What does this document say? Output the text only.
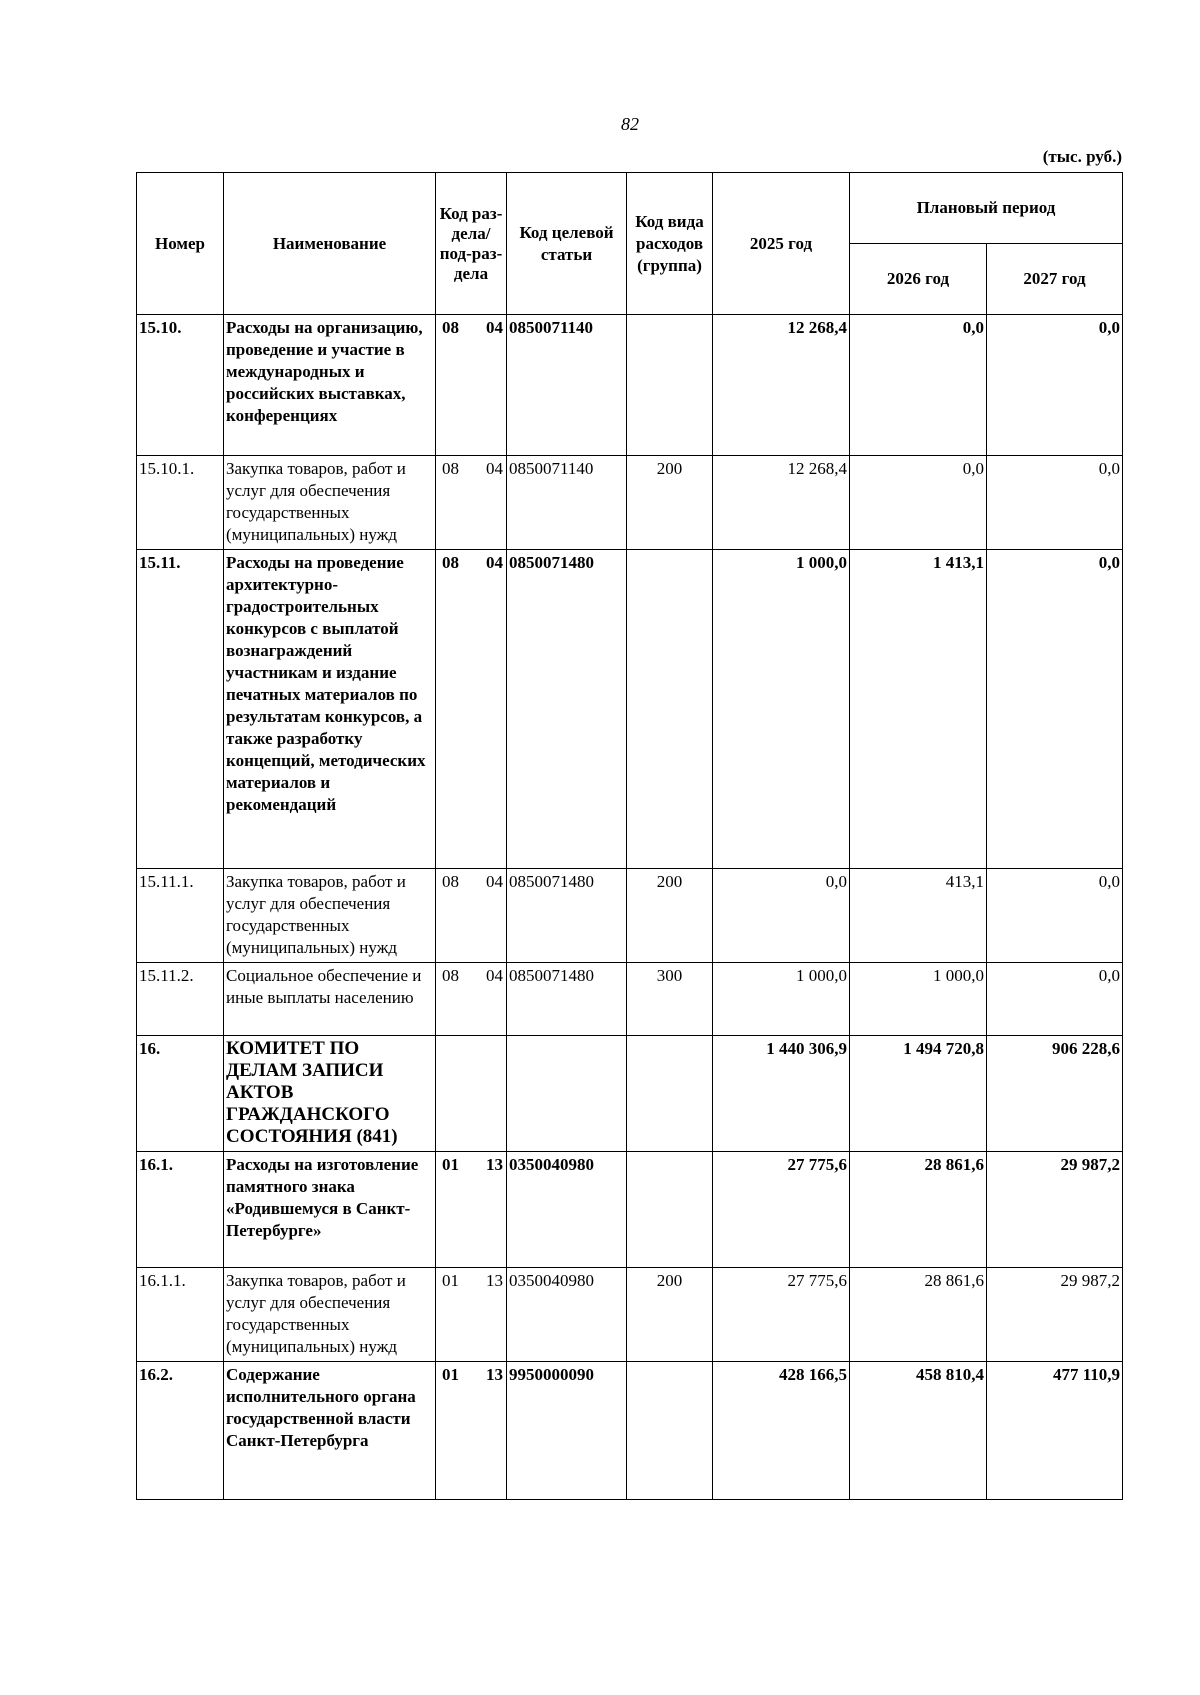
82
(тыс. руб.)
Номер	Наименование	Код раз-дела/ под-раз-дела	Код целевой статьи	Код вида расходов (группа)	2025 год	Плановый период	
						2026 год	2027 год
15.10.	Расходы на организацию, проведение и участие в международных и российских выставках, конференциях	08 04	0850071140		12 268,4	0,0	0,0
15.10.1.	Закупка товаров, работ и услуг для обеспечения государственных (муниципальных) нужд	08 04	0850071140	200	12 268,4	0,0	0,0
15.11.	Расходы на проведение архитектурно-градостроительных конкурсов с выплатой вознаграждений участникам и издание печатных материалов по результатам конкурсов, а также разработку концепций, методических материалов и рекомендаций	08 04	0850071480		1 000,0	1 413,1	0,0
15.11.1.	Закупка товаров, работ и услуг для обеспечения государственных (муниципальных) нужд	08 04	0850071480	200	0,0	413,1	0,0
15.11.2.	Социальное обеспечение и иные выплаты населению	08 04	0850071480	300	1 000,0	1 000,0	0,0
16.	КОМИТЕТ ПО ДЕЛАМ ЗАПИСИ АКТОВ ГРАЖДАНСКОГО СОСТОЯНИЯ (841)				1 440 306,9	1 494 720,8	906 228,6
16.1.	Расходы на изготовление памятного знака «Родившемуся в Санкт-Петербурге»	01 13	0350040980		27 775,6	28 861,6	29 987,2
16.1.1.	Закупка товаров, работ и услуг для обеспечения государственных (муниципальных) нужд	01 13	0350040980	200	27 775,6	28 861,6	29 987,2
16.2.	Содержание исполнительного органа государственной власти Санкт-Петербурга	01 13	9950000090		428 166,5	458 810,4	477 110,9
